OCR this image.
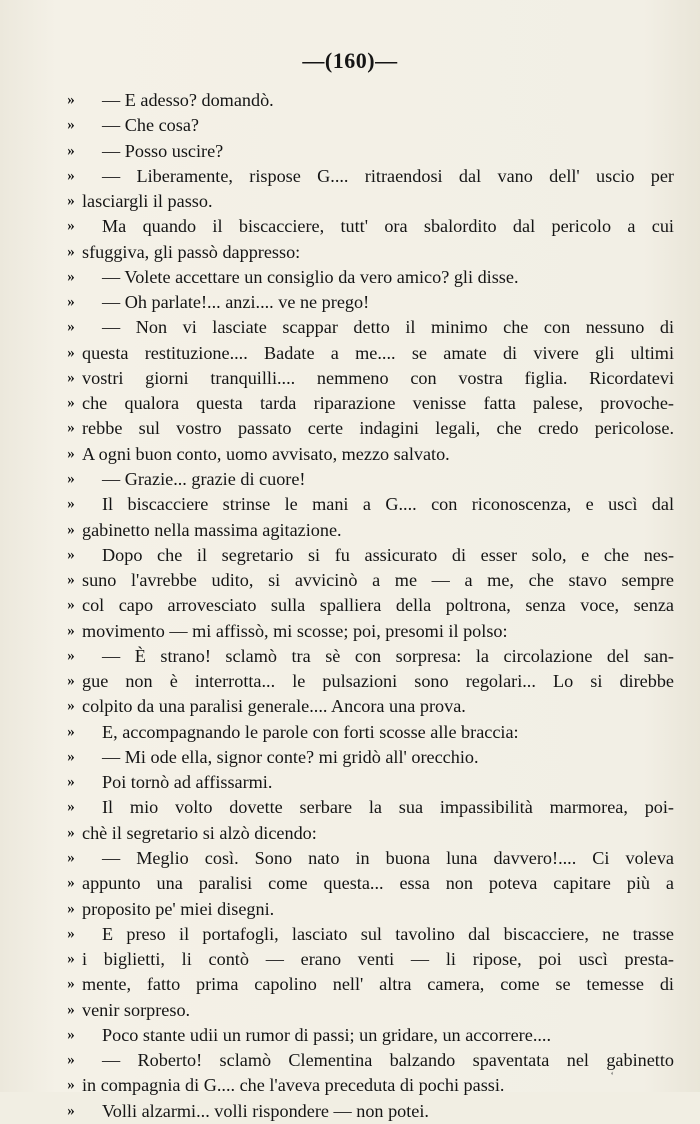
—(160)—
» — E adesso? domandò.
» — Che cosa?
» — Posso uscire?
»	— Liberamente, rispose G.... ritraendosi dal vano dell' uscio per
» lasciargli il passo.
»	Ma quando il biscacciere, tutt' ora sbalordito dal pericolo a cui
» sfuggiva, gli passò dappresso:
» — Volete accettare un consiglio da vero amico? gli disse.
» — Oh parlate!... anzi.... ve ne prego!
»	— Non vi lasciate scappar detto il minimo che con nessuno di
» questa restituzione.... Badate a me.... se amate di vivere gli ultimi
» vostri giorni tranquilli.... nemmeno con vostra figlia. Ricordatevi
» che qualora questa tarda riparazione venisse fatta palese, provoche-
» rebbe sul vostro passato certe indagini legali, che credo pericolose.
» A ogni buon conto, uomo avvisato, mezzo salvato.
» — Grazie... grazie di cuore!
»	Il biscacciere strinse le mani a G.... con riconoscenza, e uscì dal
» gabinetto nella massima agitazione.
»	Dopo che il segretario si fu assicurato di esser solo, e che nes-
» suno l'avrebbe udito, si avvicinò a me — a me, che stavo sempre
» col capo arrovesciato sulla spalliera della poltrona, senza voce, senza
» movimento — mi affissò, mi scosse; poi, presomi il polso:
»	— È strano! sclamò tra sè con sorpresa: la circolazione del san-
» gue non è interrotta... le pulsazioni sono regolari... Lo si direbbe
» colpito da una paralisi generale.... Ancora una prova.
» E, accompagnando le parole con forti scosse alle braccia:
» — Mi ode ella, signor conte? mi gridò all' orecchio.
» Poi tornò ad affissarmi.
»	Il mio volto dovette serbare la sua impassibilità marmorea, poi-
» chè il segretario si alzò dicendo:
»	— Meglio così. Sono nato in buona luna davvero!.... Ci voleva
» appunto una paralisi come questa... essa non poteva capitare più a
» proposito pe' miei disegni.
»	E preso il portafogli, lasciato sul tavolino dal biscacciere, ne trasse
» i biglietti, li contò — erano venti — li ripose, poi uscì presta-
» mente, fatto prima capolino nell' altra camera, come se temesse di
» venir sorpreso.
» Poco stante udii un rumor di passi; un gridare, un accorrere....
»	— Roberto! sclamò Clementina balzando spaventata nel gabinetto
» in compagnia di G.... che l'aveva preceduta di pochi passi.
» Volli alzarmi... volli rispondere — non potei.
‘
